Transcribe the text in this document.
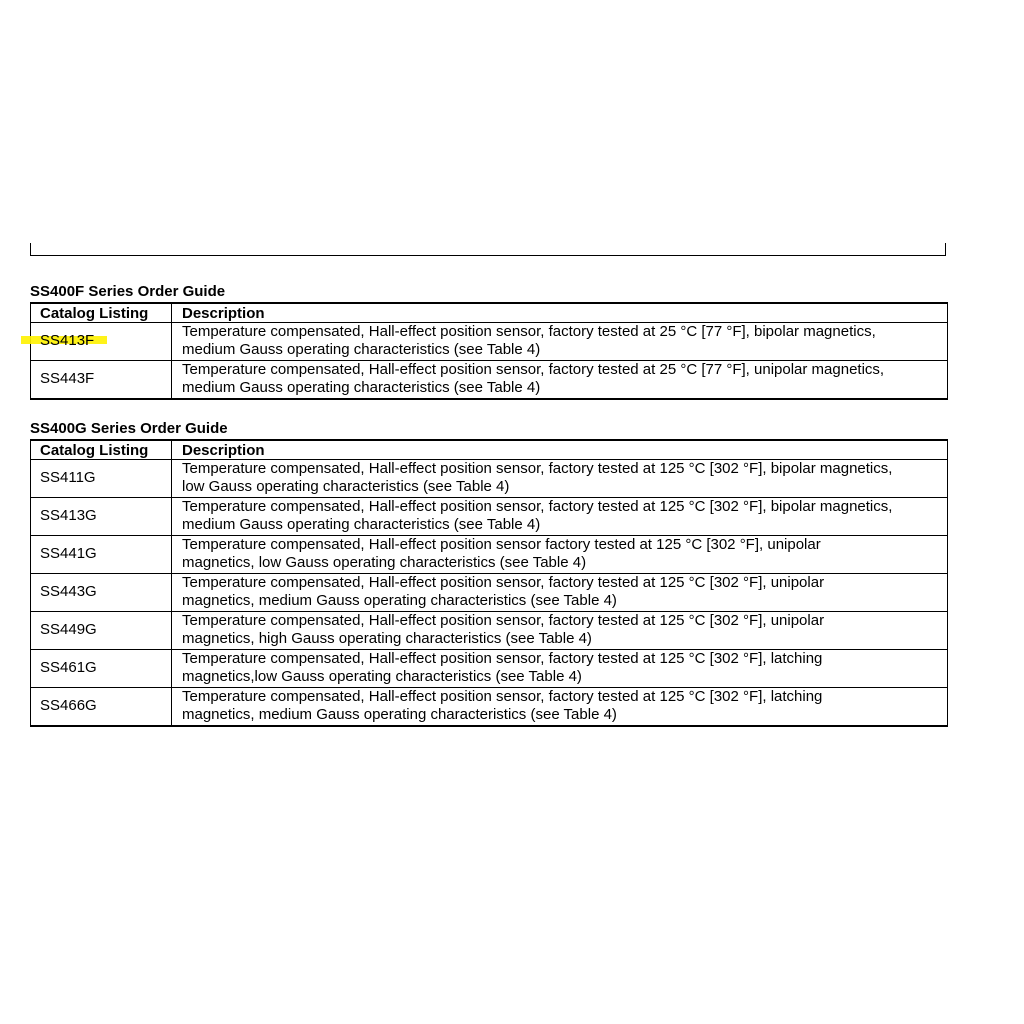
SS400F Series Order Guide
Catalog Listing	Description

SS413F	Temperature compensated, Hall-effect position sensor, factory tested at 25 °C [77 °F], bipolar magnetics,
medium Gauss operating characteristics (see Table 4)

SS443F	Temperature compensated, Hall-effect position sensor, factory tested at 25 °C [77 °F], unipolar magnetics,
medium Gauss operating characteristics (see Table 4)
SS400G Series Order Guide
Catalog Listing	Description
SS411G	Temperature compensated, Hall-effect position sensor, factory tested at 125 °C [302 °F], bipolar magnetics,
low Gauss operating characteristics (see Table 4)

SS413G	Temperature compensated, Hall-effect position sensor, factory tested at 125 °C [302 °F], bipolar magnetics,
medium Gauss operating characteristics (see Table 4)

SS441G	Temperature compensated, Hall-effect position sensor factory tested at 125 °C [302 °F], unipolar
magnetics, low Gauss operating characteristics (see Table 4)

SS443G	Temperature compensated, Hall-effect position sensor, factory tested at 125 °C [302 °F], unipolar
magnetics, medium Gauss operating characteristics (see Table 4)

SS449G	Temperature compensated, Hall-effect position sensor, factory tested at 125 °C [302 °F], unipolar
magnetics, high Gauss operating characteristics (see Table 4)

SS461G	Temperature compensated, Hall-effect position sensor, factory tested at 125 °C [302 °F], latching
magnetics,low Gauss operating characteristics (see Table 4)

SS466G	Temperature compensated, Hall-effect position sensor, factory tested at 125 °C [302 °F], latching
magnetics, medium Gauss operating characteristics (see Table 4)
